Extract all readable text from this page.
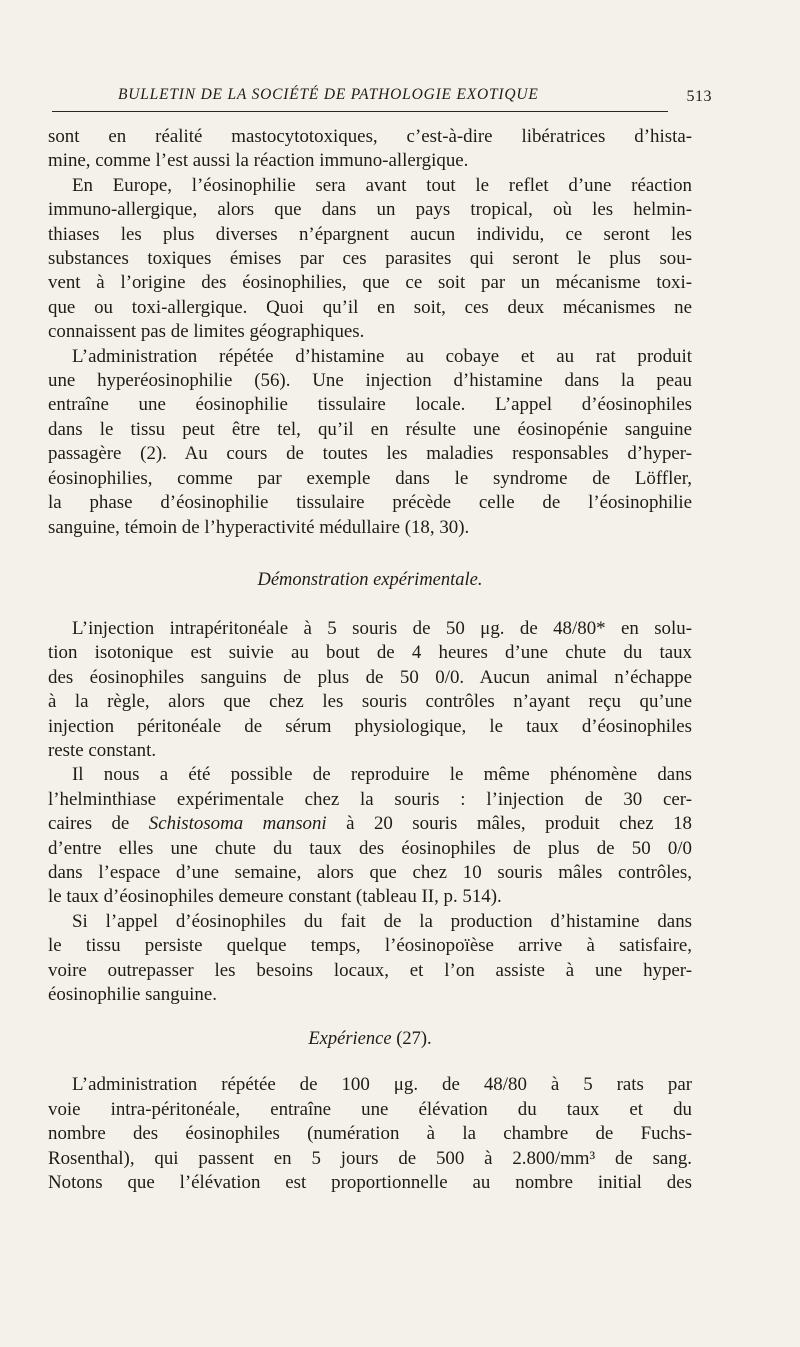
BULLETIN DE LA SOCIÉTÉ DE PATHOLOGIE EXOTIQUE	513

sont en réalité mastocytotoxiques, c’est-à-dire libératrices d’hista-

mine, comme l’est aussi la réaction immuno-allergique.

En Europe, l’éosinophilie sera avant tout le reflet d’une réaction

immuno-allergique, alors que dans un pays tropical, où les helmin-

thiases les plus diverses n’épargnent aucun individu, ce seront les

substances toxiques émises par ces parasites qui seront le plus sou-

vent à l’origine des éosinophilies, que ce soit par un mécanisme toxi-

que ou toxi-allergique. Quoi qu’il en soit, ces deux mécanismes ne

connaissent pas de limites géographiques.

L’administration répétée d’histamine au cobaye et au rat produit

une hyperéosinophilie (56). Une injection d’histamine dans la peau

entraîne une éosinophilie tissulaire locale. L’appel d’éosinophiles

dans le tissu peut être tel, qu’il en résulte une éosinopénie sanguine

passagère (2). Au cours de toutes les maladies responsables d’hyper-

éosinophilies, comme par exemple dans le syndrome de Löffler,

la phase d’éosinophilie tissulaire précède celle de l’éosinophilie

sanguine, témoin de l’hyperactivité médullaire (18, 30).

Démonstration expérimentale.

L’injection intrapéritonéale à 5 souris de 50 μg. de 48/80* en solu-

tion isotonique est suivie au bout de 4 heures d’une chute du taux

des éosinophiles sanguins de plus de 50 0/0. Aucun animal n’échappe

à la règle, alors que chez les souris contrôles n’ayant reçu qu’une

injection péritonéale de sérum physiologique, le taux d’éosinophiles

reste constant.

Il nous a été possible de reproduire le même phénomène dans

l’helminthiase expérimentale chez la souris : l’injection de 30 cer-

caires de Schistosoma mansoni à 20 souris mâles, produit chez 18

d’entre elles une chute du taux des éosinophiles de plus de 50 0/0

dans l’espace d’une semaine, alors que chez 10 souris mâles contrôles,

le taux d’éosinophiles demeure constant (tableau II, p. 514).

Si l’appel d’éosinophiles du fait de la production d’histamine dans

le tissu persiste quelque temps, l’éosinopoïèse arrive à satisfaire,

voire outrepasser les besoins locaux, et l’on assiste à une hyper-

éosinophilie sanguine.

Expérience (27).

L’administration répétée de 100 μg. de 48/80 à 5 rats par

voie intra-péritonéale, entraîne une élévation du taux et du

nombre des éosinophiles (numération à la chambre de Fuchs-

Rosenthal), qui passent en 5 jours de 500 à 2.800/mm³ de sang.

Notons que l’élévation est proportionnelle au nombre initial des
